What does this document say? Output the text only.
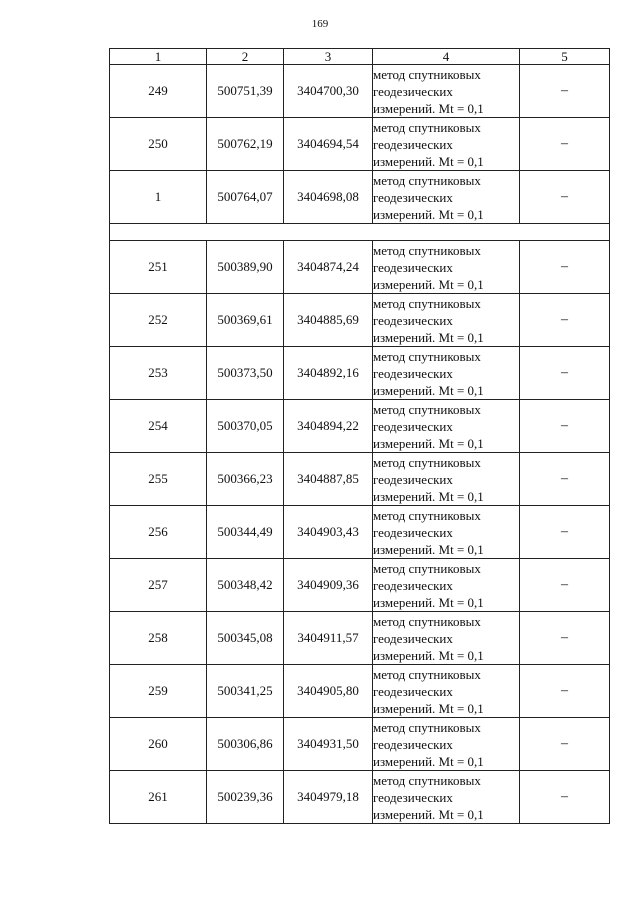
169
1	2	3	4	5
249	500751,39	3404700,30	метод спутниковых
геодезических
измерений. Mt = 0,1	–
250	500762,19	3404694,54	метод спутниковых
геодезических
измерений. Mt = 0,1	–
1	500764,07	3404698,08	метод спутниковых
геодезических
измерений. Mt = 0,1	–

251	500389,90	3404874,24	метод спутниковых
геодезических
измерений. Mt = 0,1	–
252	500369,61	3404885,69	метод спутниковых
геодезических
измерений. Mt = 0,1	–
253	500373,50	3404892,16	метод спутниковых
геодезических
измерений. Mt = 0,1	–
254	500370,05	3404894,22	метод спутниковых
геодезических
измерений. Mt = 0,1	–
255	500366,23	3404887,85	метод спутниковых
геодезических
измерений. Mt = 0,1	–
256	500344,49	3404903,43	метод спутниковых
геодезических
измерений. Mt = 0,1	–
257	500348,42	3404909,36	метод спутниковых
геодезических
измерений. Mt = 0,1	–
258	500345,08	3404911,57	метод спутниковых
геодезических
измерений. Mt = 0,1	–
259	500341,25	3404905,80	метод спутниковых
геодезических
измерений. Mt = 0,1	–
260	500306,86	3404931,50	метод спутниковых
геодезических
измерений. Mt = 0,1	–
261	500239,36	3404979,18	метод спутниковых
геодезических
измерений. Mt = 0,1	–
